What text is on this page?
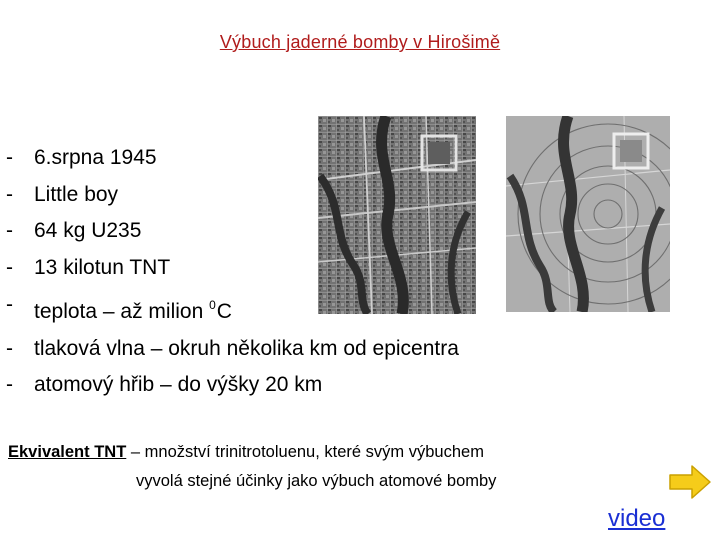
Výbuch jaderné bomby v Hirošimě
- 6.srpna 1945
- Little boy
- 64 kg U235
- 13 kilotun TNT
- teplota – až milion $^0$C
- tlaková vlna – okruh několika km od epicentra
- atomový hřib – do výšky 20 km
Ekvivalent TNT – množství trinitrotoluenu, které svým výbuchem
vyvolá stejné účinky jako výbuch atomové bomby
video
